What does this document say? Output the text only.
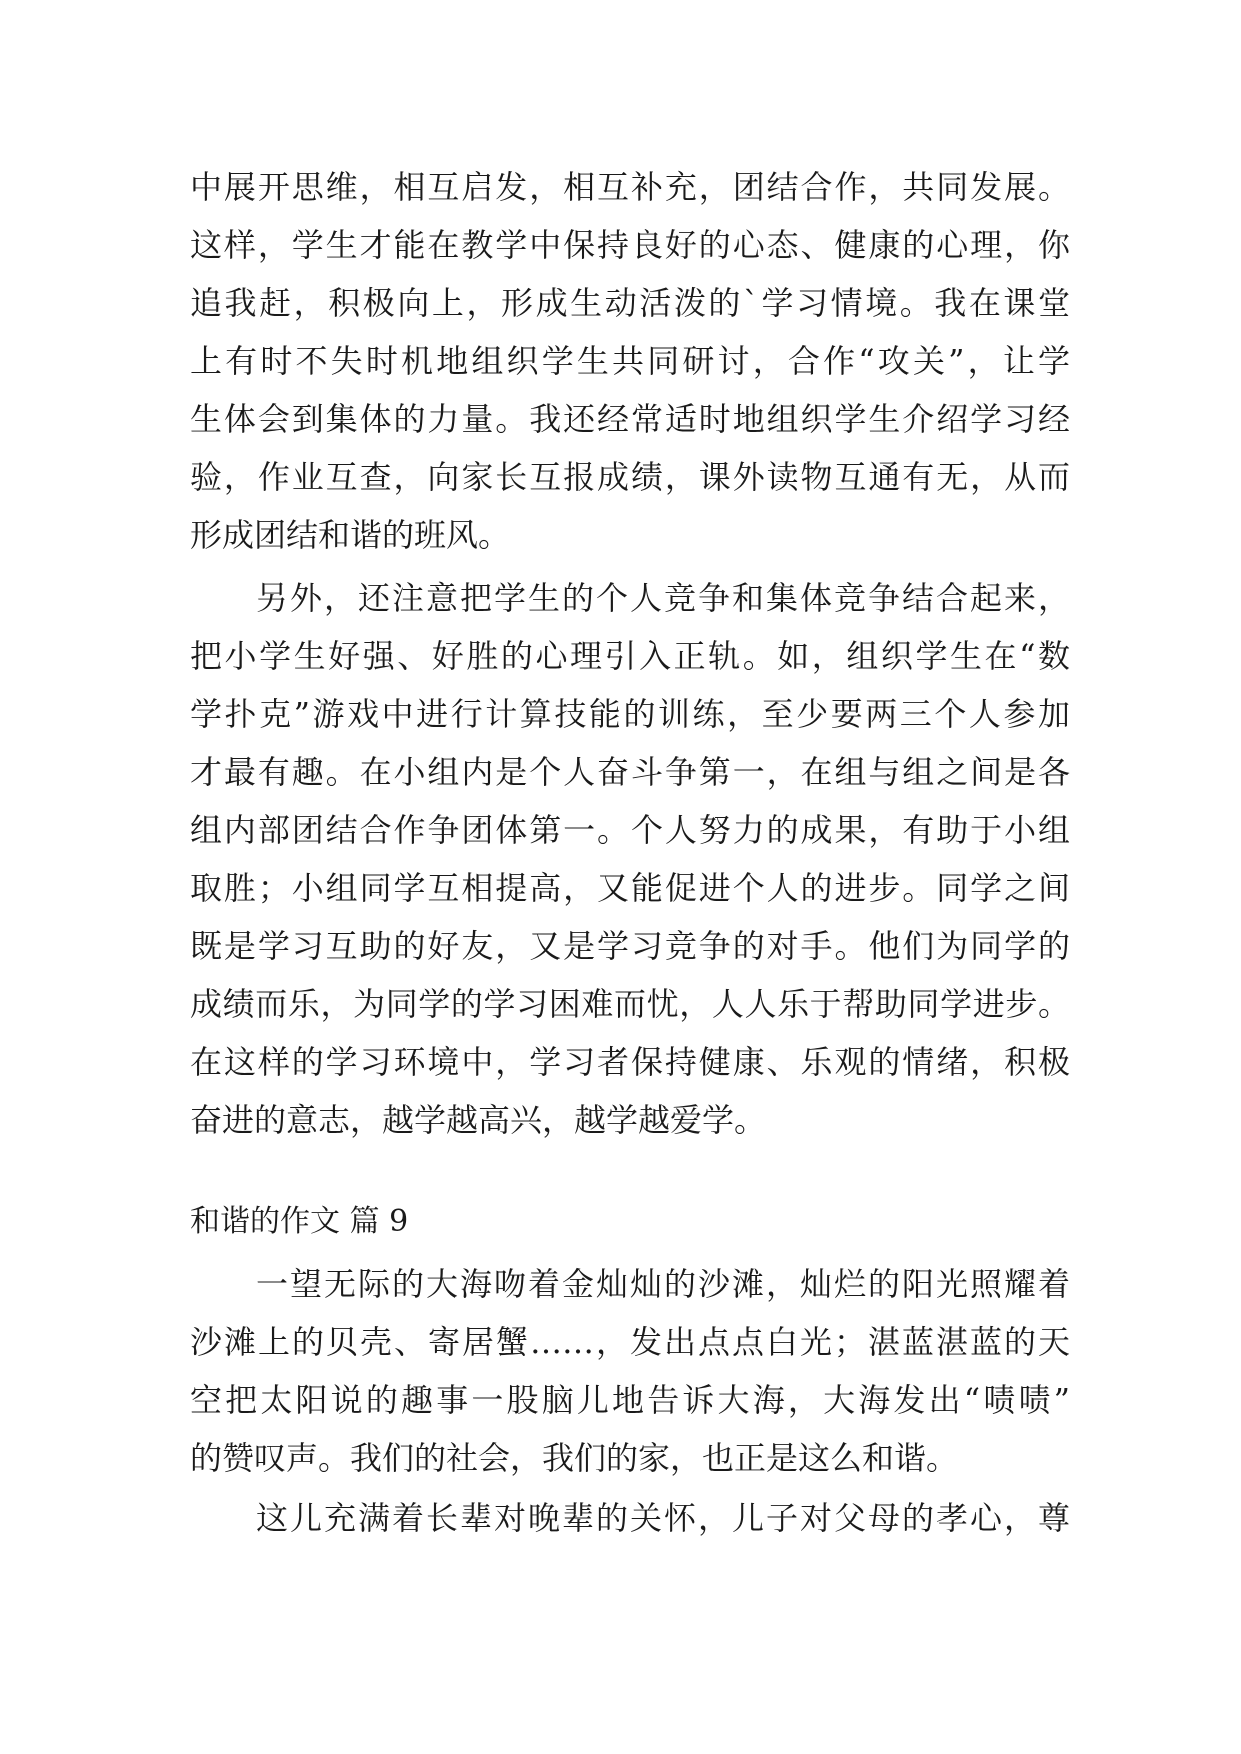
中展开思维，相互启发，相互补充，团结合作，共同发展。
这样，学生才能在教学中保持良好的心态、健康的心理，你
追我赶，积极向上，形成生动活泼的`学习情境。我在课堂
上有时不失时机地组织学生共同研讨，合作“攻关”，让学
生体会到集体的力量。我还经常适时地组织学生介绍学习经
验，作业互查，向家长互报成绩，课外读物互通有无，从而
形成团结和谐的班风。
另外，还注意把学生的个人竞争和集体竞争结合起来，
把小学生好强、好胜的心理引入正轨。如，组织学生在“数
学扑克”游戏中进行计算技能的训练，至少要两三个人参加
才最有趣。在小组内是个人奋斗争第一，在组与组之间是各
组内部团结合作争团体第一。个人努力的成果，有助于小组
取胜；小组同学互相提高，又能促进个人的进步。同学之间
既是学习互助的好友，又是学习竞争的对手。他们为同学的
成绩而乐，为同学的学习困难而忧，人人乐于帮助同学进步。
在这样的学习环境中，学习者保持健康、乐观的情绪，积极
奋进的意志，越学越高兴，越学越爱学。
和谐的作文 篇 9
一望无际的大海吻着金灿灿的沙滩，灿烂的阳光照耀着
沙滩上的贝壳、寄居蟹……，发出点点白光；湛蓝湛蓝的天
空把太阳说的趣事一股脑儿地告诉大海，大海发出“啧啧”
的赞叹声。我们的社会，我们的家，也正是这么和谐。
这儿充满着长辈对晚辈的关怀，儿子对父母的孝心，尊
